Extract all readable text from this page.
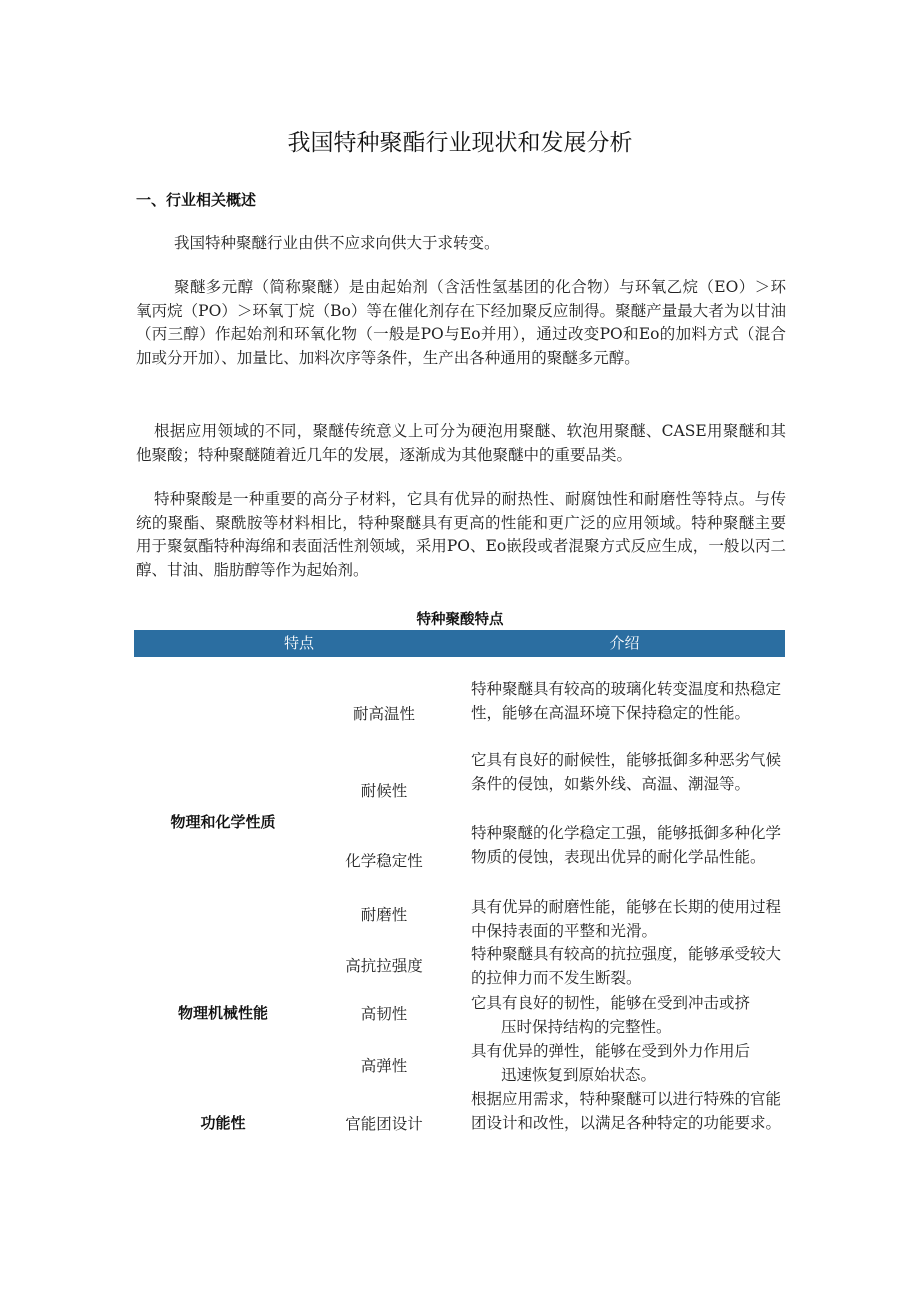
我国特种聚酯行业现状和发展分析
一、行业相关概述

我国特种聚醚行业由供不应求向供大于求转变。

聚醚多元醇（简称聚醚）是由起始剂（含活性氢基团的化合物）与环氧乙烷（EO）＞环氧丙烷（PO）＞环氧丁烷（Bo）等在催化剂存在下经加聚反应制得。聚醚产量最大者为以甘油（丙三醇）作起始剂和环氧化物（一般是PO与Eo并用），通过改变PO和Eo的加料方式（混合加或分开加）、加量比、加料次序等条件，生产出各种通用的聚醚多元醇。

根据应用领域的不同，聚醚传统意义上可分为硬泡用聚醚、软泡用聚醚、CASE用聚醚和其他聚酸；特种聚醚随着近几年的发展，逐渐成为其他聚醚中的重要品类。

特种聚酸是一种重要的高分子材料，它具有优异的耐热性、耐腐蚀性和耐磨性等特点。与传统的聚酯、聚酰胺等材料相比，特种聚醚具有更高的性能和更广泛的应用领域。特种聚醚主要用于聚氨酯特种海绵和表面活性剂领域，采用PO、Eo嵌段或者混聚方式反应生成，一般以丙二醇、甘油、脂肪醇等作为起始剂。

特种聚酸特点
特点	介绍
物理和化学性质
物理机械性能
功能性
耐高温性
耐候性
化学稳定性
耐磨性
高抗拉强度
高韧性
高弹性
官能团设计
特种聚醚具有较高的玻璃化转变温度和热稳定性，能够在高温环境下保持稳定的性能。
它具有良好的耐候性，能够抵御多种恶劣气候条件的侵蚀，如紫外线、高温、潮湿等。
特种聚醚的化学稳定工强，能够抵御多种化学物质的侵蚀，表现出优异的耐化学品性能。
具有优异的耐磨性能，能够在长期的使用过程中保持表面的平整和光滑。
特种聚醚具有较高的抗拉强度，能够承受较大的拉伸力而不发生断裂。
它具有良好的韧性，能够在受到冲击或挤
压时保持结构的完整性。
具有优异的弹性，能够在受到外力作用后
迅速恢复到原始状态。
根据应用需求，特种聚醚可以进行特殊的官能团设计和改性，以满足各种特定的功能要求。
